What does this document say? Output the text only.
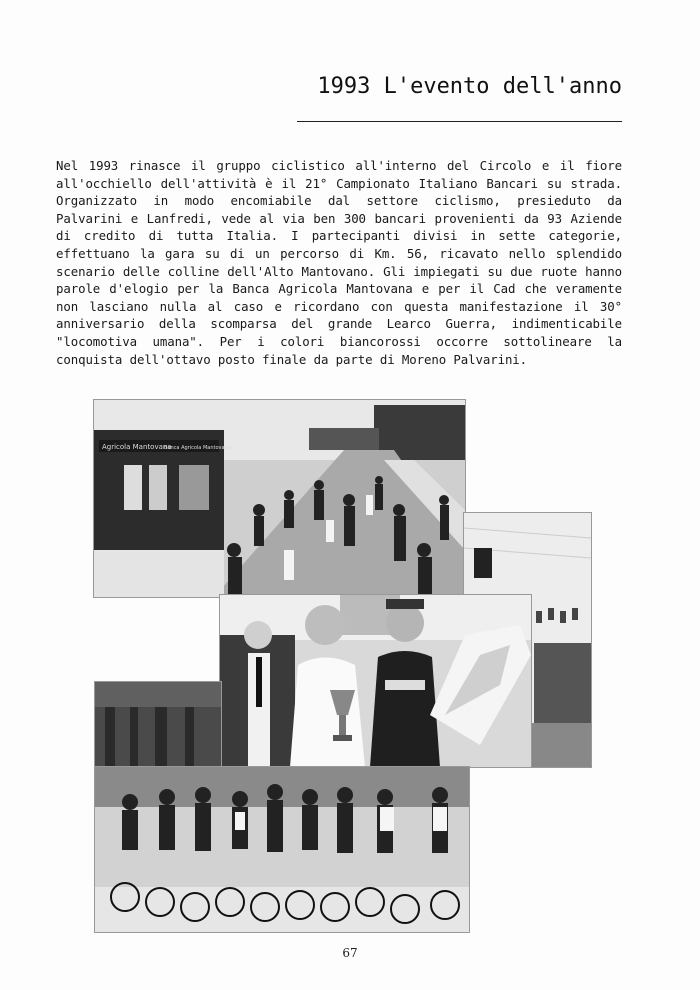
1993 L'evento dell'anno
Nel 1993 rinasce il gruppo ciclistico all'interno del Circolo e il fiore all'occhiello dell'attività è il 21° Campionato Italiano Bancari su strada. Organizzato in modo encomiabile dal settore ciclismo, presieduto da Palvarini e Lanfredi, vede al via ben 300 bancari provenienti da 93 Aziende di credito di tutta Italia. I partecipanti divisi in sette categorie, effettuano la gara su di un percorso di Km. 56, ricavato nello splendido scenario delle colline dell'Alto Mantovano. Gli impiegati su due ruote hanno parole d'elogio per la Banca Agricola Mantovana e per il Cad che veramente non lasciano nulla al caso e ricordano con questa manifestazione il 30° anniversario della scomparsa del grande Learco Guerra, indimenticabile "locomotiva umana". Per i colori biancorossi occorre sottolineare la conquista dell'ottavo posto finale da parte di Moreno Palvarini.
Agricola Mantovana
Banca Agricola Mantovana
67
